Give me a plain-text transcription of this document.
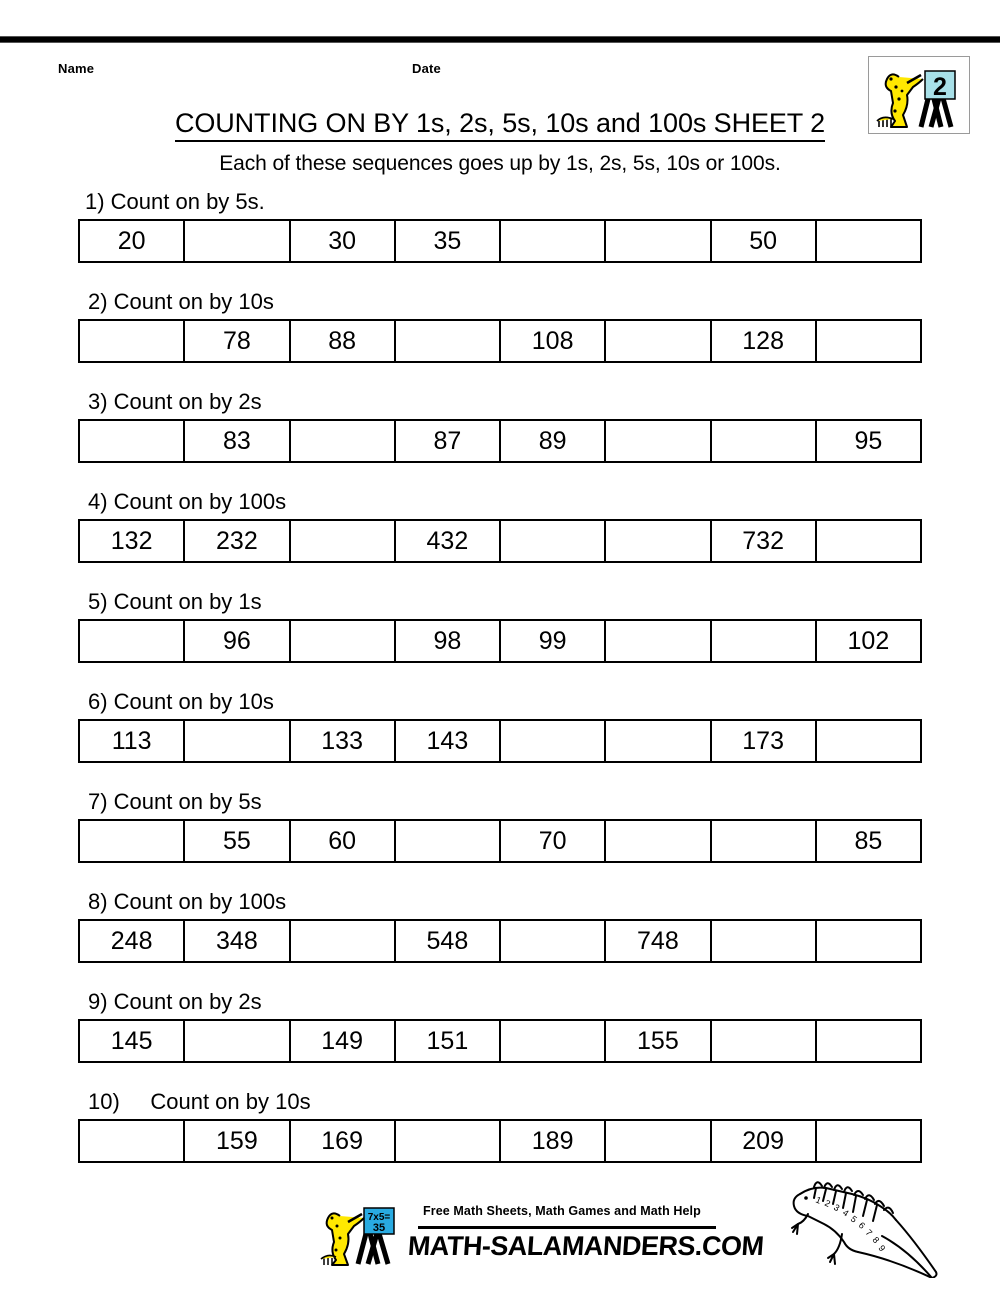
Name	Date
2
COUNTING ON BY 1s, 2s, 5s, 10s and 100s SHEET 2
Each of these sequences goes up by 1s, 2s, 5s, 10s or 100s.
1) Count on by 5s.
20		30	35			50	
2) Count on by 10s
	78	88		108		128	
3) Count on by 2s
	83		87	89			95
4) Count on by 100s
132	232		432			732	
5) Count on by 1s
	96		98	99			102
6) Count on by 10s
113		133	143			173	
7) Count on by 5s
	55	60		70			85
8) Count on by 100s
248	348		548		748		
9) Count on by 2s
145		149	151		155		
10)     Count on by 10s
	159	169		189		209	
7x5=
35
Free Math Sheets, Math Games and Math Help
MATH-SALAMANDERS.COM
1 2 3 4
5
6
7
8
9
